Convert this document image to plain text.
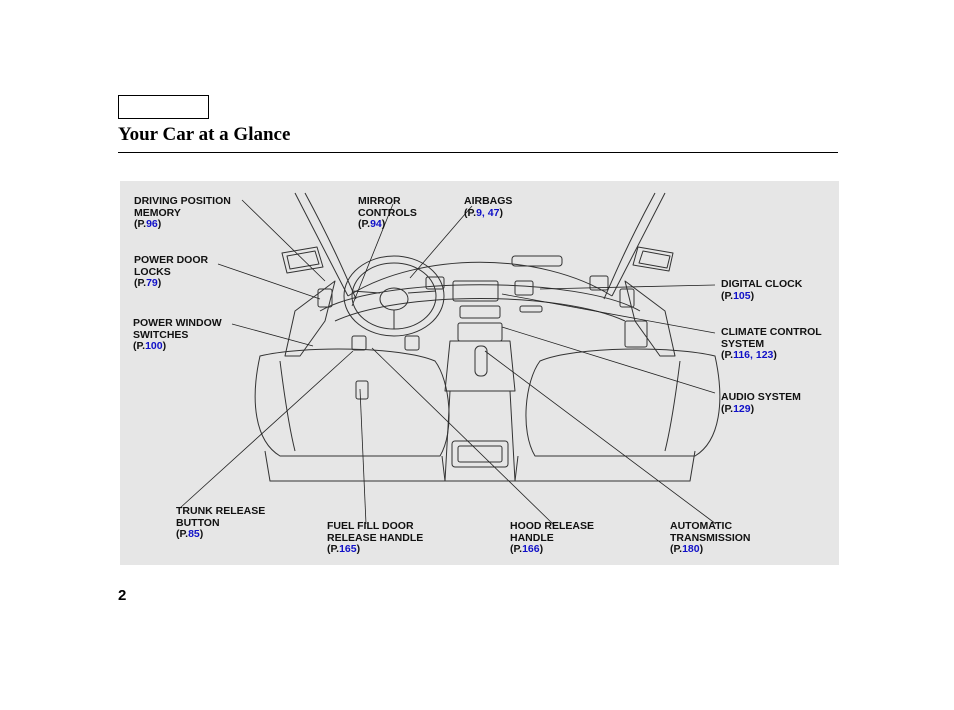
Your Car at a Glance
DRIVING POSITION MEMORY
(P.96)
MIRROR CONTROLS
(P.94)
AIRBAGS
(P.9, 47)
POWER DOOR LOCKS
(P.79)	DIGITAL CLOCK
(P.105)
POWER WINDOW SWITCHES
(P.100)
CLIMATE CONTROL SYSTEM
(P.116, 123)
AUDIO SYSTEM
(P.129)
TRUNK RELEASE BUTTON
(P.85)
FUEL FILL DOOR RELEASE HANDLE
(P.165)
HOOD RELEASE HANDLE
(P.166)
AUTOMATIC TRANSMISSION
(P.180)
2
